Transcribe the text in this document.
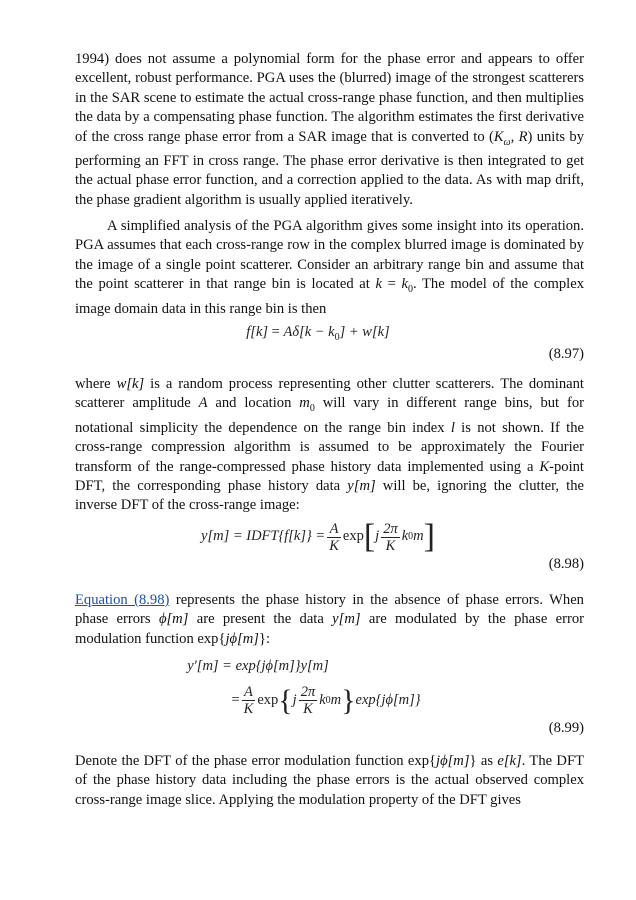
1994) does not assume a polynomial form for the phase error and appears to offer excellent, robust performance. PGA uses the (blurred) image of the strongest scatterers in the SAR scene to estimate the actual cross-range phase function, and then multiplies the data by a compensating phase function. The algorithm estimates the first derivative of the cross range phase error from a SAR image that is converted to ($K_\omega$, R) units by performing an FFT in cross range. The phase error derivative is then integrated to get the actual phase error function, and a correction applied to the data. As with map drift, the phase gradient algorithm is usually applied iteratively.

A simplified analysis of the PGA algorithm gives some insight into its operation. PGA assumes that each cross-range row in the complex blurred image is dominated by the image of a single point scatterer. Consider an arbitrary range bin and assume that the point scatterer in that range bin is located at $k = k_0$. The model of the complex image domain data in this range bin is then

$f[k] = A\delta[k - k_0] + w[k]$
(8.97)

where w[k] is a random process representing other clutter scatterers. The dominant scatterer amplitude A and location $m_0$ will vary in different range bins, but for notational simplicity the dependence on the range bin index l is not shown. If the cross-range compression algorithm is assumed to be approximately the Fourier transform of the range-compressed phase history data implemented using a K-point DFT, the corresponding phase history data y[m] will be, ignoring the clutter, the inverse DFT of the cross-range image:

y[m] = IDFT{f[k]} = $\frac{A}{K}$ exp [ j $\frac{2\pi}{K}$ k 0 m ]
(8.98)

Equation (8.98) represents the phase history in the absence of phase errors. When phase errors ϕ[m] are present the data y[m] are modulated by the phase error modulation function exp{jϕ[m]}:

y′[m] = exp{jϕ[m]}y[m]
= $\frac{A}{K}$ exp { j $\frac{2\pi}{K}$ k 0 m } exp{jϕ[m]}
(8.99)

Denote the DFT of the phase error modulation function exp{jϕ[m]} as e[k]. The DFT of the phase history data including the phase errors is the actual observed complex cross-range image slice. Applying the modulation property of the DFT gives
